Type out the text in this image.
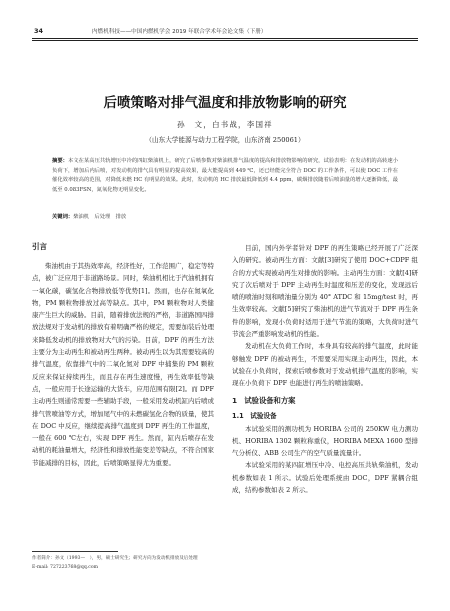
34	内燃机科技——中国内燃机学会 2019 年联合学术年会论文集（下册）
后喷策略对排气温度和排放物影响的研究
孙　文，白书战，李国祥
（山东大学能源与动力工程学院，山东济南 250061）
摘要：本文在某高压共轨增压中冷的四缸柴油机上，研究了后喷参数对柴油机排气温度的提高和排放物影响的研究，试验表明：在发动机的高转速小负荷下，增加后内后喷，对发动机的排气具有明显的提高效果，最大能提高到 449 ℃，还已经能完全符合 DOC 的工作条件，可以使 DOC 工作在催化效率较高的范围，对降低未燃 HC 有明显的效果。此时，发动机的 HC 排放最低降低到 4.4 ppm，碳烟排放随着后喷油量的增大逐渐降低，最低至 0.083FSN，氮氧化物无明显变化。
关键词：柴油机　后处理　排放
引言

柴油机由于其热效率高，经济性好，工作范围广，稳定等特点，被广泛应用于非道路场景。同时，柴油机相比于汽油机拥有一氧化碳，碳氢化合物排放低等优势[1]。然而，也存在氮氧化物，PM 颗粒物排放过高等缺点。其中，PM 颗粒物对人类健康产生巨大的威胁。目前，随着排放法规的严格，非道路国四排放法规对于发动机的排放有着明确严格的规定，需要加装后处理来降低发动机的排放物对大气的污染。目前，DPF 的再生方法主要分为主动再生和被动再生两种。被动再生以为其需要较高的排气温度，依靠排气中的二氧化氮对 DPF 中捕集的 PM 颗粒反应来保证持续再生，而且存在再生速度慢，再生效率低等缺点，一般应用于长途运输的大货车，应用范围有限[2]。而 DPF 主动再生则通常需要一些辅助手段，一般采用发动机缸内后喷或排气管喷油等方式，增加尾气中的未燃碳氢化合物的质量，使其在 DOC 中反应，继续提高排气温度到 DPF 再生的工作温度，一般在 600 ℃左右，实现 DPF 再生。然而，缸内后喷存在发动机的耗油量增大，经济性和排放性能变差等缺点，不符合国家节能减排的目标，因此，后喷策略显得尤为重要。

目前，国内外学者针对 DPF 的再生策略已经开展了广泛深入的研究。被动再生方面：文献[3]研究了使用 DOC+CDPF 组合的方式实现被动再生对排放的影响。主动再生方面：文献[4]研究了次后喷对于 DPF 主动再生时温度和压差的变化，发现远后喷的喷油时刻和喷油量分别为 40° ATDC 和 15mg/test 时，再生效率较高。文献[5]研究了柴油机的进气节流对于 DPF 再生条件的影响，发现小负荷时适用于进气节流的策略，大负荷时进气节流会严重影响发动机的性能。

发动机在大负荷工作时，本身具有较高的排气温度，此时能够触发 DPF 的被动再生，不需要采用实现主动再生，因此，本试验在小负荷时，探索后喷参数对于发动机排气温度的影响，实现在小负荷下 DPF 也能进行再生的喷油策略。

1　试验设备和方案
1.1　试验设备

本试验采用的测功机为 HORIBA 公司的 250KW 电力测功机、HORIBA 1302 颗粒称重仪，HORIBA MEXA 1600 型排气分析仪、ABB 公司生产的空气质量流量计。

本试验采用的某四缸增压中冷、电控高压共轨柴油机，发动机参数如表 1 所示。试验后处理系统由 DOC，DPF 紧耦合组成，结构参数如表 2 所示。

作者简介：孙文（1993—　），男，硕士研究生；研究方向为发动机排放及后处理
E-mail: 727223768@qq.com
